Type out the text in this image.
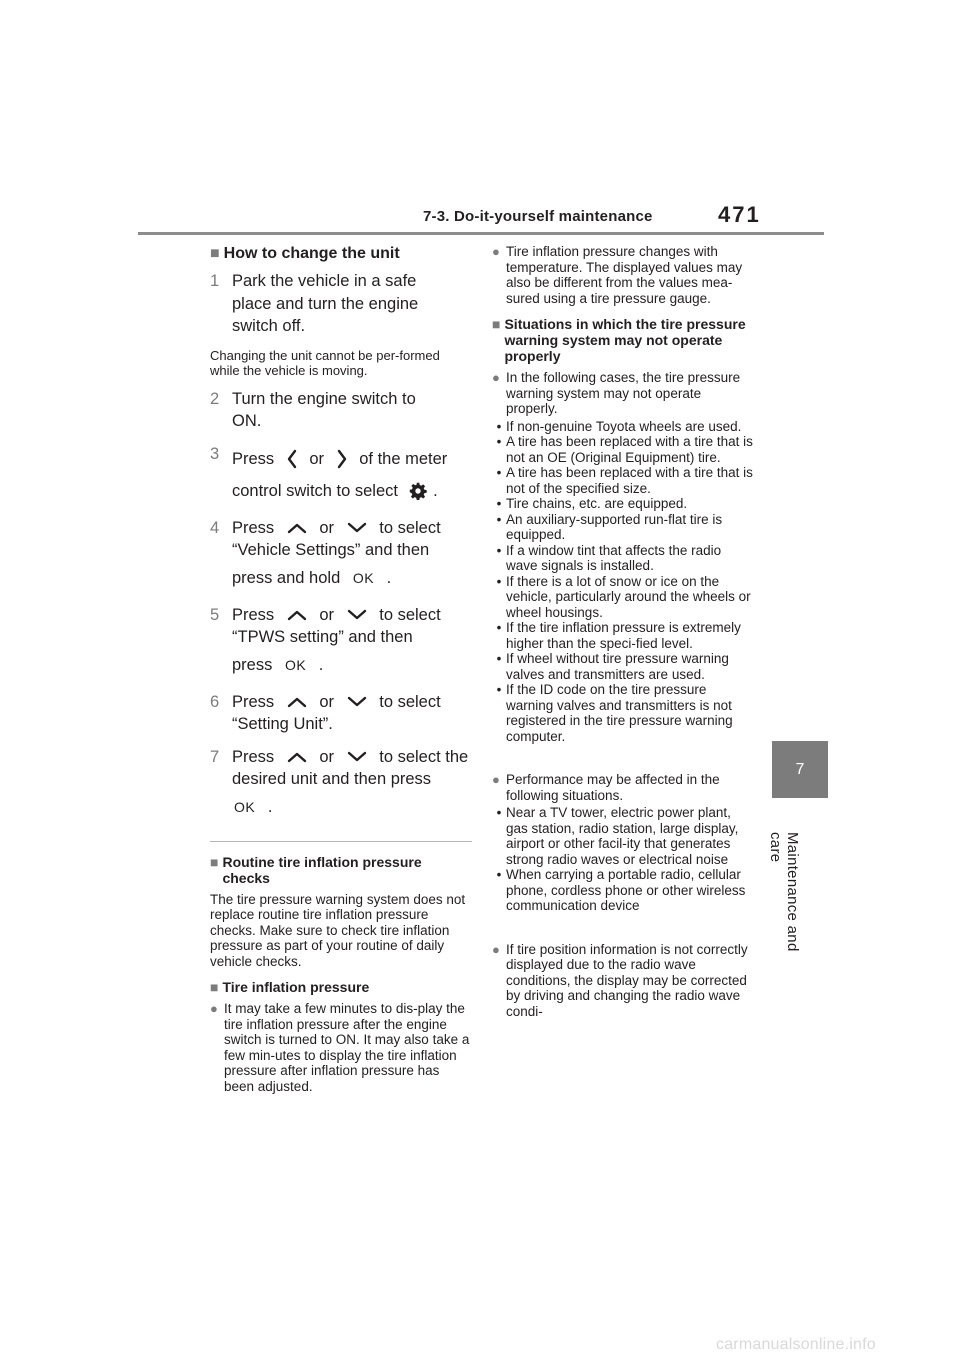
7-3. Do-it-yourself maintenance	471
7
Maintenance and care
■ How to change the unit
1 Park the vehicle in a safe
place and turn the engine
switch off.
Changing the unit cannot be per-formed while the vehicle is moving.
2 Turn the engine switch to
ON.
3 Press or of the meter
control switch to select .
4 Press	or	to select
“Vehicle Settings” and then
press and hold OK .
5 Press	or	to select
“TPWS setting” and then
press OK .
6 Press	or	to select
“Setting Unit”.
7 Press	or	to select the
desired unit and then press
OK .
■ Routine tire inflation pressure checks
The tire pressure warning system does not replace routine tire inflation pressure checks. Make sure to check tire inflation pressure as part of your routine of daily vehicle checks.
■ Tire inflation pressure
● It may take a few minutes to dis-play the tire inflation pressure after the engine switch is turned to ON. It may also take a few min-utes to display the tire inflation pressure after inflation pressure has been adjusted.
● Tire inflation pressure changes with temperature. The displayed values may also be different from the values mea-sured using a tire pressure gauge.
■ Situations in which the tire pressure warning system may not operate properly
● In the following cases, the tire pressure warning system may not operate properly.
• If non-genuine Toyota wheels are used.
• A tire has been replaced with a tire that is not an OE (Original Equipment) tire.
• A tire has been replaced with a tire that is not of the specified size.
• Tire chains, etc. are equipped.
• An auxiliary-supported run-flat tire is equipped.
• If a window tint that affects the radio wave signals is installed.
• If there is a lot of snow or ice on the vehicle, particularly around the wheels or wheel housings.
• If the tire inflation pressure is extremely higher than the speci-fied level.
• If wheel without tire pressure warning valves and transmitters are used.
• If the ID code on the tire pressure warning valves and transmitters is not registered in the tire pressure warning computer.
● Performance may be affected in the following situations.
• Near a TV tower, electric power plant, gas station, radio station, large display, airport or other facil-ity that generates strong radio waves or electrical noise
• When carrying a portable radio, cellular phone, cordless phone or other wireless communication device
● If tire position information is not correctly displayed due to the radio wave conditions, the display may be corrected by driving and changing the radio wave condi-
carmanualsonline.info
